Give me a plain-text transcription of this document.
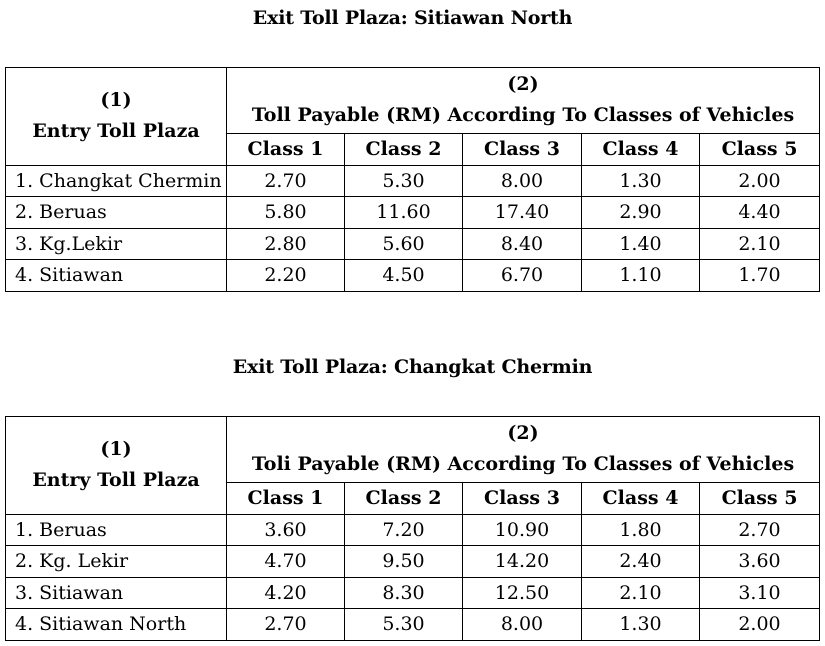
Exit Toll Plaza: Sitiawan North
(1)
Entry Toll Plaza	(2)
Toll Payable (RM) According To Classes of Vehicles				

	Class 1	Class 2	Class 3	Class 4	Class 5
1. Changkat Chermin	2.70	5.30	8.00	1.30	2.00
2. Beruas	5.80	11.60	17.40	2.90	4.40
3. Kg.Lekir	2.80	5.60	8.40	1.40	2.10
4. Sitiawan	2.20	4.50	6.70	1.10	1.70
Exit Toll Plaza: Changkat Chermin
(1)
Entry Toll Plaza	(2)
Toli Payable (RM) According To Classes of Vehicles				

	Class 1	Class 2	Class 3	Class 4	Class 5
1. Beruas	3.60	7.20	10.90	1.80	2.70
2. Kg. Lekir	4.70	9.50	14.20	2.40	3.60
3. Sitiawan	4.20	8.30	12.50	2.10	3.10
4. Sitiawan North	2.70	5.30	8.00	1.30	2.00
